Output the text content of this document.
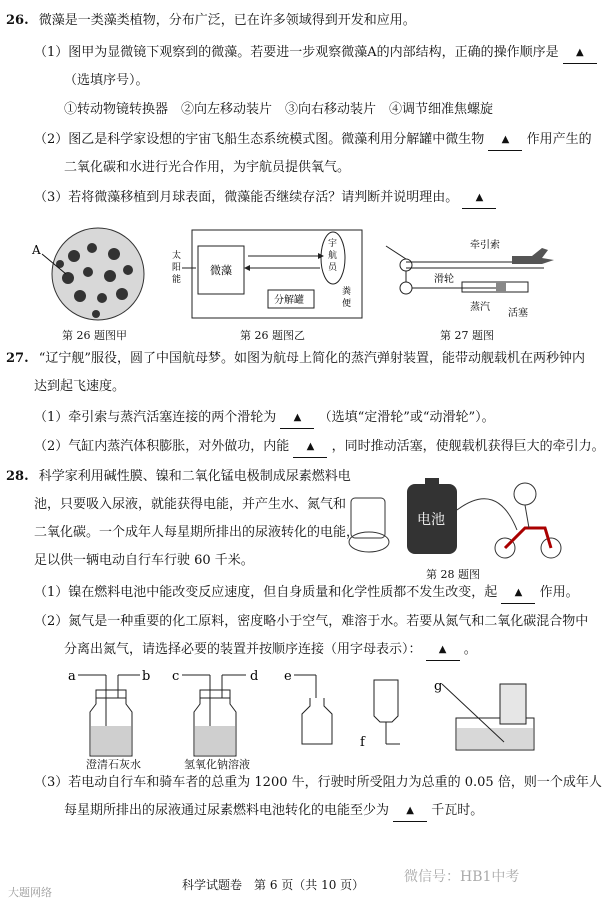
26. 微藻是一类藻类植物，分布广泛，已在许多领域得到开发和应用。
（1）图甲为显微镜下观察到的微藻。若要进一步观察微藻A的内部结构，正确的操作顺序是 ▲
（选填序号）。
①转动物镜转换器　②向左移动装片　③向右移动装片　④调节细准焦螺旋
（2）图乙是科学家设想的宇宙飞船生态系统模式图。微藻利用分解罐中微生物 ▲ 作用产生的
二氧化碳和水进行光合作用，为宇航员提供氧气。
（3）若将微藻移植到月球表面，微藻能否继续存活？请判断并说明理由。 ▲
A
第 26 题图甲
微藻
宇
航
员
分解罐
粪
便
太
阳
能
第 26 题图乙
牵引索
滑轮
蒸汽
活塞
第 27 题图
27. “辽宁舰”服役，圆了中国航母梦。如图为航母上简化的蒸汽弹射装置，能带动舰载机在两秒钟内
达到起飞速度。
（1）牵引索与蒸汽活塞连接的两个滑轮为 ▲ （选填“定滑轮”或“动滑轮”）。
（2）气缸内蒸汽体积膨胀，对外做功，内能 ▲ ，同时推动活塞，使舰载机获得巨大的牵引力。
28. 科学家利用碱性膜、镍和二氧化锰电极制成尿素燃料电
池，只要吸入尿液，就能获得电能，并产生水、氮气和
二氧化碳。一个成年人每星期所排出的尿液转化的电能，
足以供一辆电动自行车行驶 60 千米。
电池
第 28 题图
（1）镍在燃料电池中能改变反应速度，但自身质量和化学性质都不发生改变，起 ▲ 作用。
（2）氮气是一种重要的化工原料，密度略小于空气，难溶于水。若要从氮气和二氧化碳混合物中
分离出氮气，请选择必要的装置并按顺序连接（用字母表示）： ▲ 。
a	b c	d e
f
g
澄清石灰水	氢氧化钠溶液
（3）若电动自行车和骑车者的总重为 1200 牛，行驶时所受阻力为总重的 0.05 倍，则一个成年人
每星期所排出的尿液通过尿素燃料电池转化的电能至少为 ▲ 千瓦时。
科学试题卷　第 6 页（共 10 页）
大题网络
微信号：HB1中考
